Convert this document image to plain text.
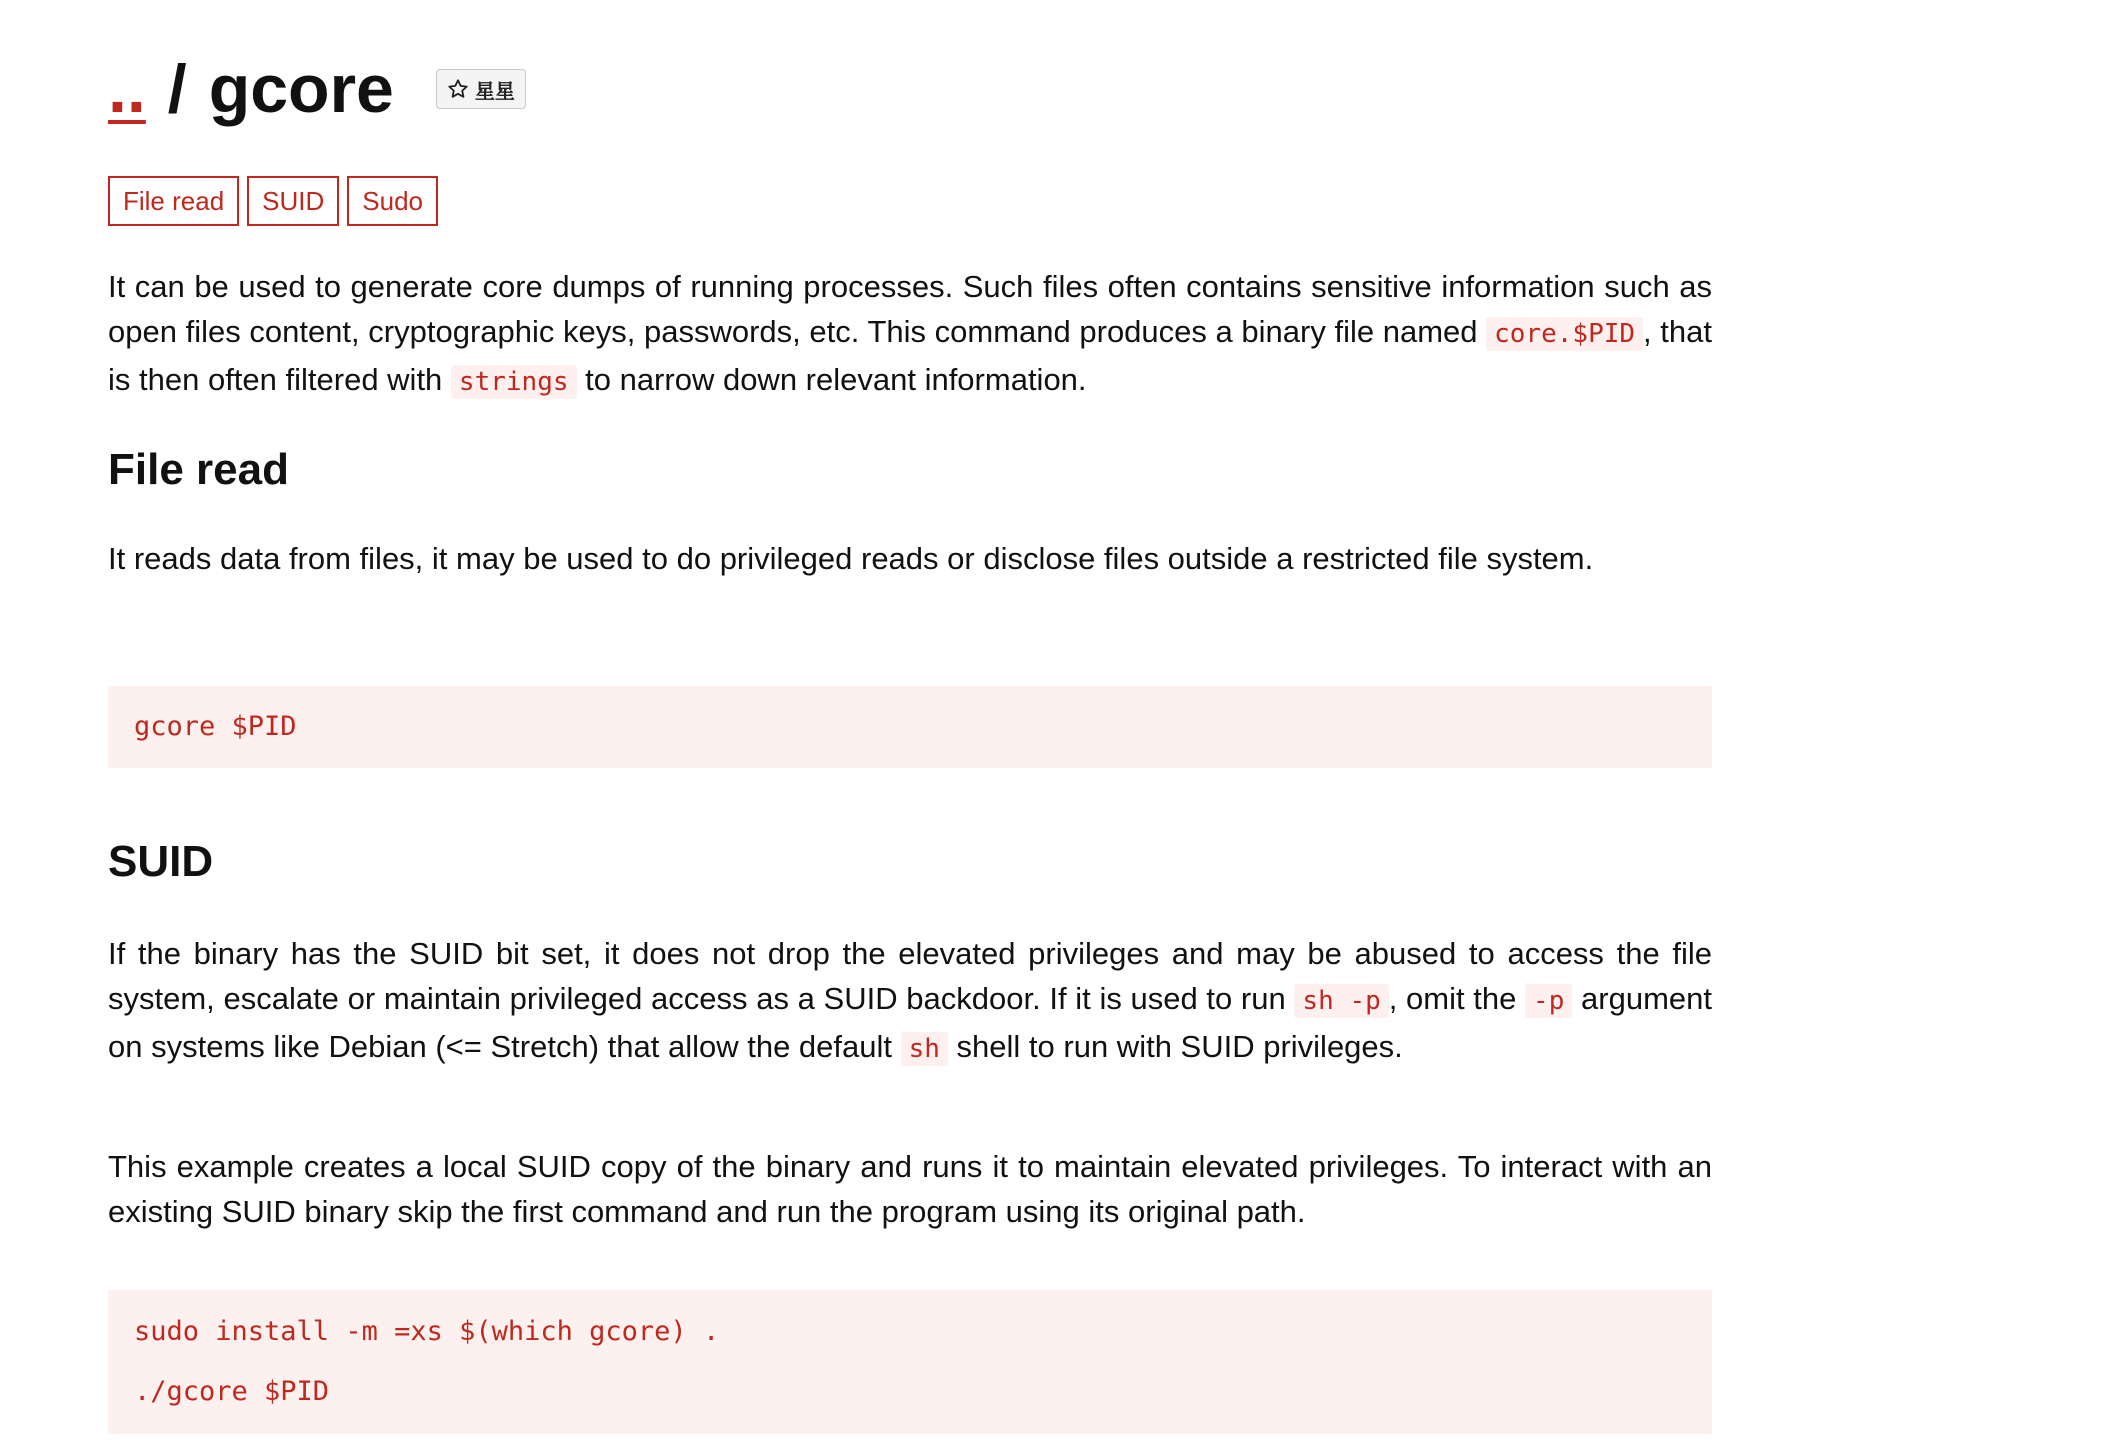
.. / gcore	星星
File read	SUID	Sudo

It can be used to generate core dumps of running processes. Such files often contains sensitive information such as open files content, cryptographic keys, passwords, etc. This command produces a binary file named core.$PID , that is then often filtered with strings to narrow down relevant information.

File read

It reads data from files, it may be used to do privileged reads or disclose files outside a restricted file system.

gcore $PID
SUID

If the binary has the SUID bit set, it does not drop the elevated privileges and may be abused to access the file system, escalate or maintain privileged access as a SUID backdoor. If it is used to run sh -p , omit the -p argument on systems like Debian (<= Stretch) that allow the default sh shell to run with SUID privileges.

This example creates a local SUID copy of the binary and runs it to maintain elevated privileges. To interact with an existing SUID binary skip the first command and run the program using its original path.

sudo install -m =xs $(which gcore) .
./gcore $PID
